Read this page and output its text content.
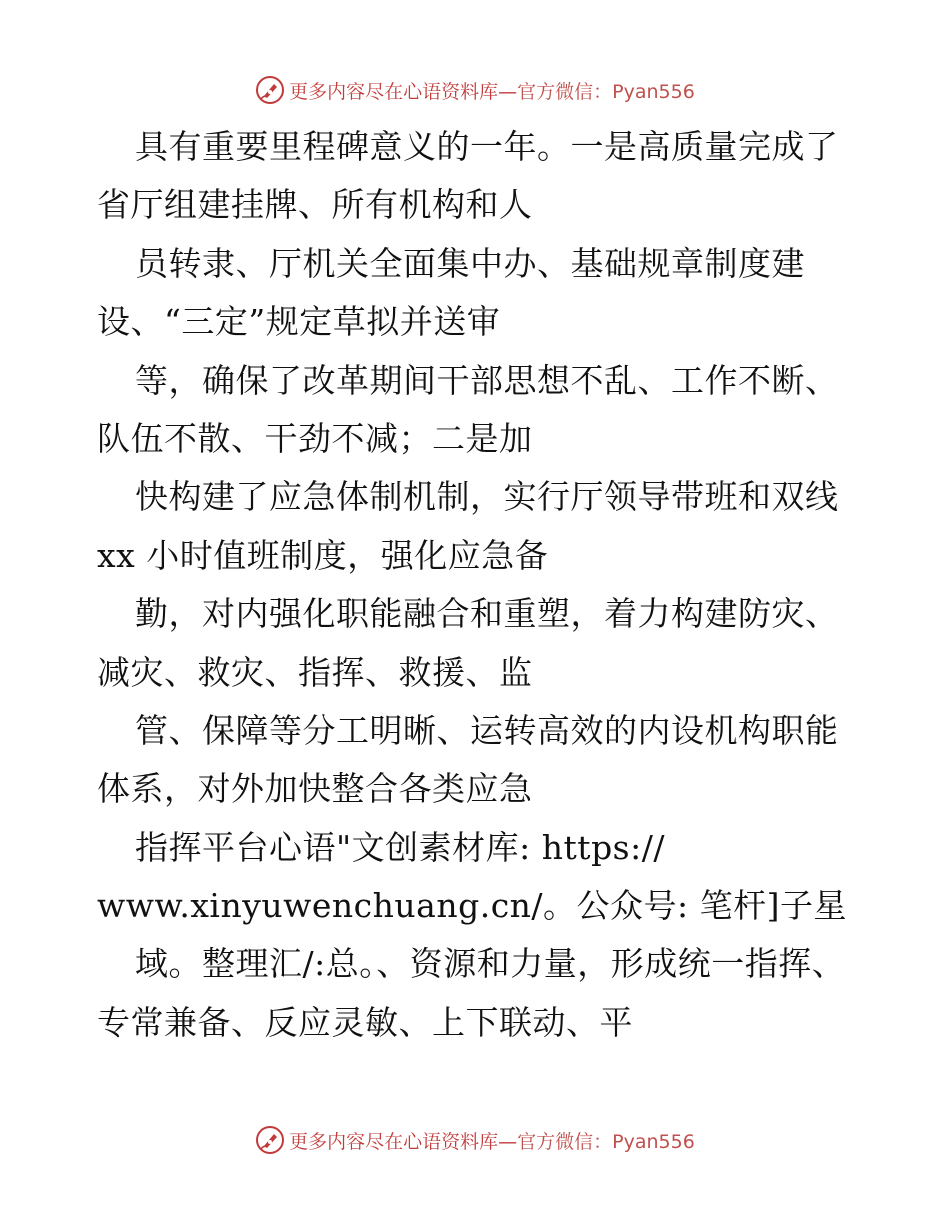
更多内容尽在心语资料库—官方微信：Pyan556
具有重要里程碑意义的一年。一是高质量完成了
省厅组建挂牌、所有机构和人
员转隶、厅机关全面集中办、基础规章制度建
设、“三定”规定草拟并送审
等，确保了改革期间干部思想不乱、工作不断、
队伍不散、干劲不减；二是加
快构建了应急体制机制，实行厅领导带班和双线
xx 小时值班制度，强化应急备
勤，对内强化职能融合和重塑，着力构建防灾、
减灾、救灾、指挥、救援、监
管、保障等分工明晰、运转高效的内设机构职能
体系，对外加快整合各类应急
指挥平台心语"文创素材库: https://
www.xinyuwenchuang.cn/。公众号: 笔杆]子星
域。整理汇/:总。、资源和力量，形成统一指挥、
专常兼备、反应灵敏、上下联动、平
更多内容尽在心语资料库—官方微信：Pyan556
